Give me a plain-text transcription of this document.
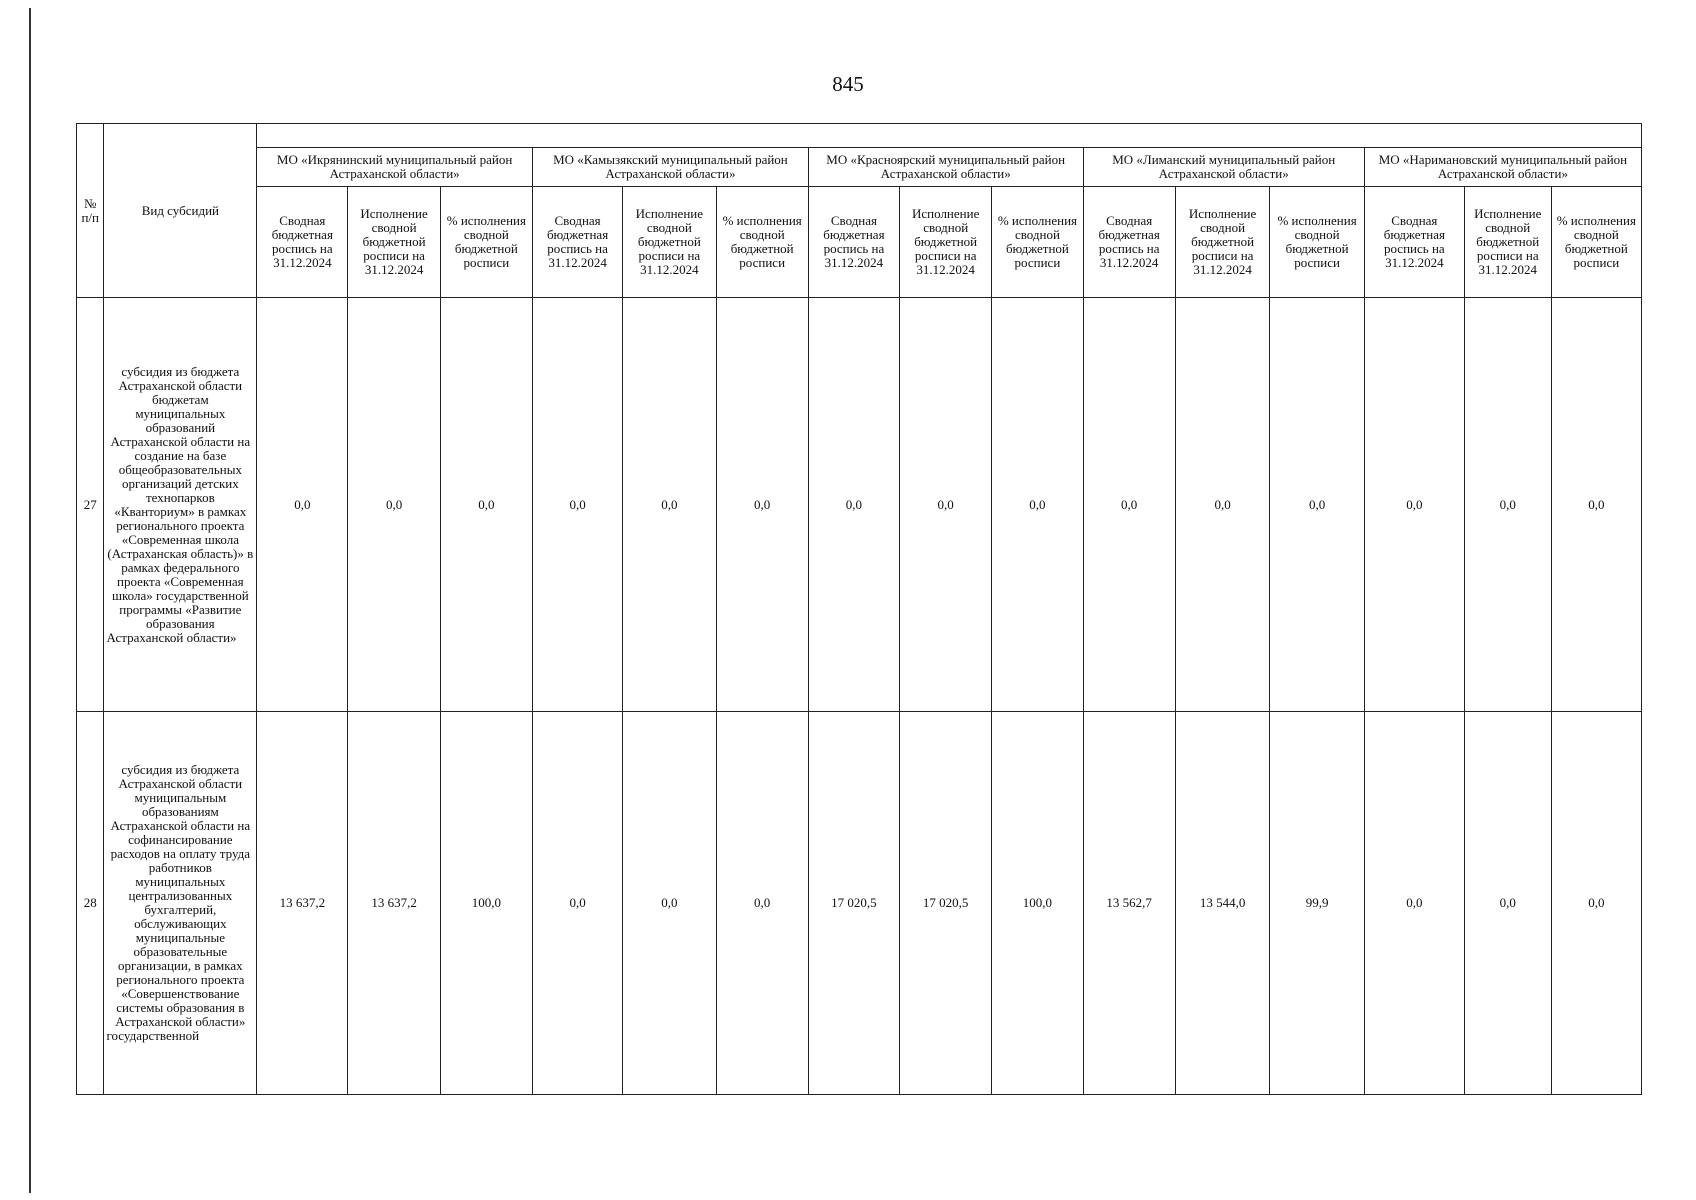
845
№ п/п	Вид субсидий															
		МО «Икрянинский муниципальный район Астраханской области»			МО «Камызякский муниципальный район Астраханской области»			МО «Красноярский муниципальный район Астраханской области»			МО «Лиманский муниципальный район Астраханской области»			МО «Наримановский муниципальный район Астраханской области»		
		Сводная бюджетная роспись на 31.12.2024	Исполнение сводной бюджетной росписи на 31.12.2024	% исполнения сводной бюджетной росписи	Сводная бюджетная роспись на 31.12.2024	Исполнение сводной бюджетной росписи на 31.12.2024	% исполнения сводной бюджетной росписи	Сводная бюджетная роспись на 31.12.2024	Исполнение сводной бюджетной росписи на 31.12.2024	% исполнения сводной бюджетной росписи	Сводная бюджетная роспись на 31.12.2024	Исполнение сводной бюджетной росписи на 31.12.2024	% исполнения сводной бюджетной росписи	Сводная бюджетная роспись на 31.12.2024	Исполнение сводной бюджетной росписи на 31.12.2024	% исполнения сводной бюджетной росписи
27	субсидия из бюджета Астраханской области бюджетам муниципальных образований Астраханской области на создание на базе общеобразовательных организаций детских технопарков «Кванториум» в рамках регионального проекта «Современная школа (Астраханская область)» в рамках федерального проекта «Современная школа» государственной программы «Развитие образования Астраханской области»	0,0	0,0	0,0	0,0	0,0	0,0	0,0	0,0	0,0	0,0	0,0	0,0	0,0	0,0	0,0
28	субсидия из бюджета Астраханской области муниципальным образованиям Астраханской области на софинансирование расходов на оплату труда работников муниципальных централизованных бухгалтерий, обслуживающих муниципальные образовательные организации, в рамках регионального проекта «Совершенствование системы образования в Астраханской области» государственной	13 637,2	13 637,2	100,0	0,0	0,0	0,0	17 020,5	17 020,5	100,0	13 562,7	13 544,0	99,9	0,0	0,0	0,0
